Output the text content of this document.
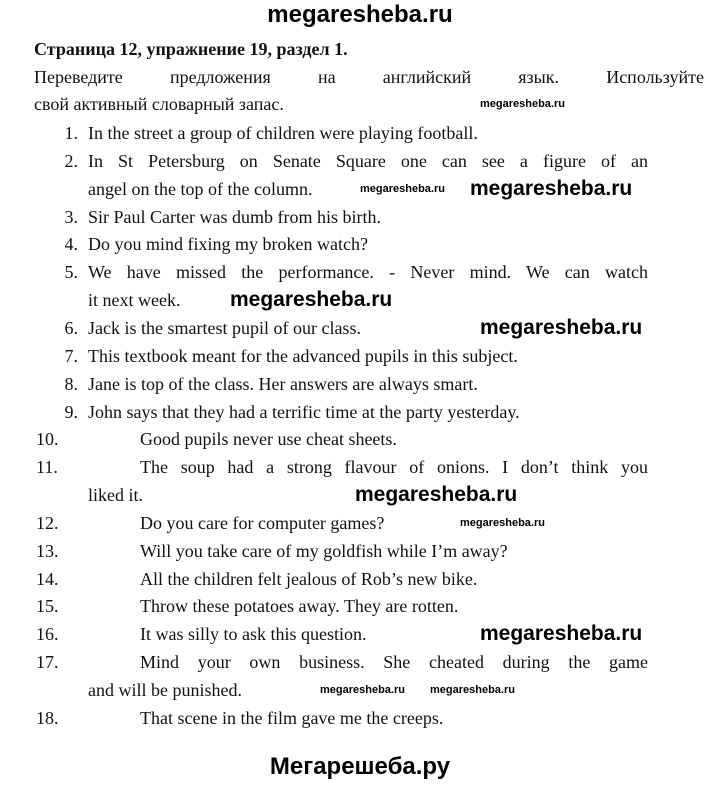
megaresheba.ru
Страница 12, упражнение 19, раздел 1.
Переведите предложения на английский язык. Используйте
свой активный словарный запас.
1. In the street a group of children were playing football.
2. In St Petersburg on Senate Square one can see a figure of an
angel on the top of the column.
3. Sir Paul Carter was dumb from his birth.
4. Do you mind fixing my broken watch?
5. We have missed the performance. - Never mind. We can watch
it next week.
6. Jack is the smartest pupil of our class.
7. This textbook meant for the advanced pupils in this subject.
8. Jane is top of the class. Her answers are always smart.
9. John says that they had a terrific time at the party yesterday.
10.	Good pupils never use cheat sheets.
11.	The soup had a strong flavour of onions. I don’t think you
liked it.
12.	Do you care for computer games?
13.	Will you take care of my goldfish while I’m away?
14.	All the children felt jealous of Rob’s new bike.
15.	Throw these potatoes away. They are rotten.
16.	It was silly to ask this question.
17.	Mind your own business. She cheated during the game
and will be punished.
18.	That scene in the film gave me the creeps.
megaresheba.ru
megaresheba.ru megaresheba.ru
megaresheba.ru
megaresheba.ru
megaresheba.ru
megaresheba.ru
megaresheba.ru
megaresheba.ru megaresheba.ru
Мегарешеба.ру
